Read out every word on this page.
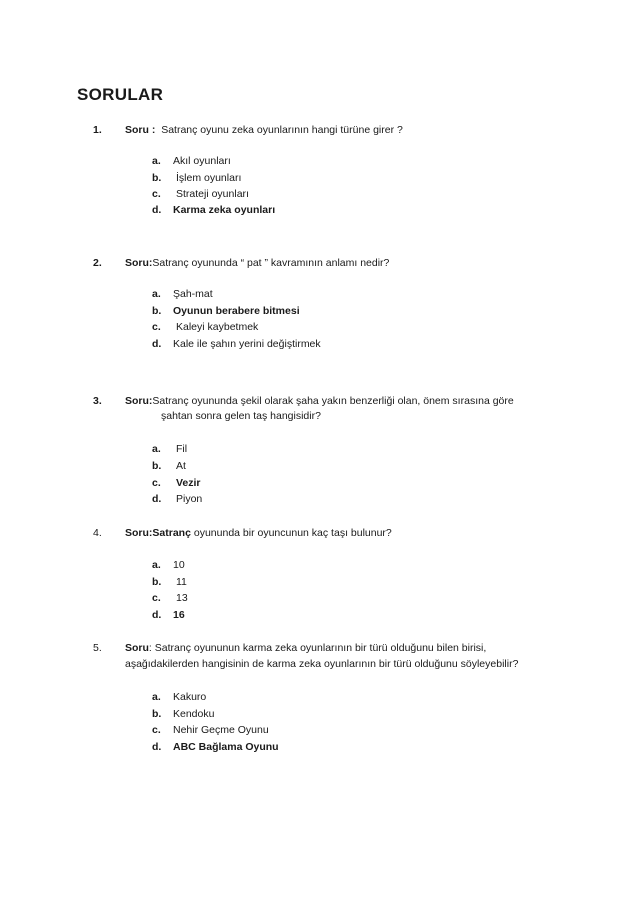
SORULAR
1. Soru : Satranç oyunu zeka oyunlarının hangi türüne girer ?
a. Akıl oyunları
b. İşlem oyunları
c. Strateji oyunları
d. Karma zeka oyunları
2. Soru:Satranç oyununda “ pat ” kavramının anlamı nedir?
a. Şah-mat
b. Oyunun berabere bitmesi
c. Kaleyi kaybetmek
d. Kale ile şahın yerini değiştirmek
3. Soru:Satranç oyununda şekil olarak şaha yakın benzerliği olan, önem sırasına göre
şahtan sonra gelen taş hangisidir?
a. Fil
b. At
c. Vezir
d. Piyon
4. Soru:Satranç oyununda bir oyuncunun kaç taşı bulunur?
a. 10
b. 11
c. 13
d. 16
5. Soru: Satranç oyununun karma zeka oyunlarının bir türü olduğunu bilen birisi,
aşağıdakilerden hangisinin de karma zeka oyunlarının bir türü olduğunu söyleyebilir?
a. Kakuro
b. Kendoku
c. Nehir Geçme Oyunu
d. ABC Bağlama Oyunu
